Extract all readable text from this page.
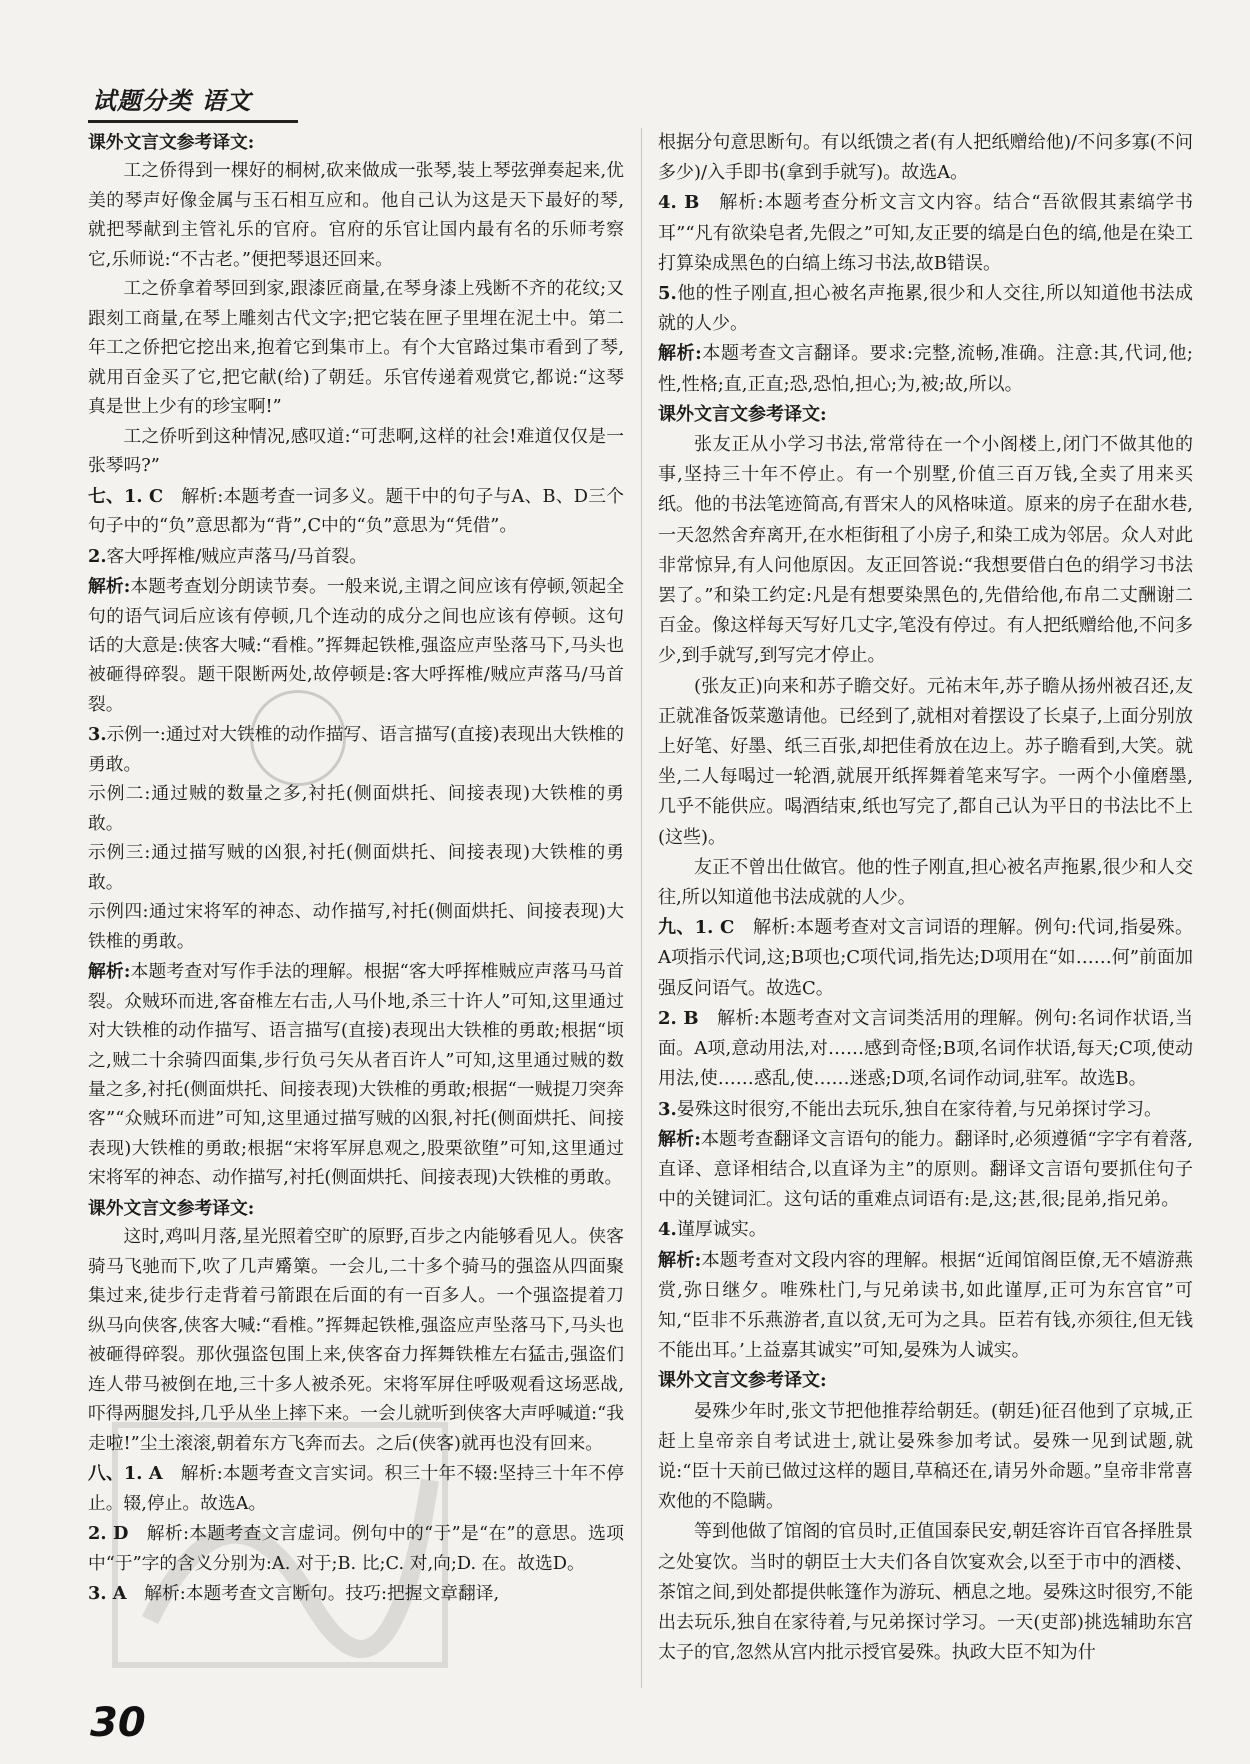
试题分类 语文

课外文言文参考译文:

工之侨得到一棵好的桐树,砍来做成一张琴,装上琴弦弹奏起来,优美的琴声好像金属与玉石相互应和。他自己认为这是天下最好的琴,就把琴献到主管礼乐的官府。官府的乐官让国内最有名的乐师考察它,乐师说:“不古老。”便把琴退还回来。

工之侨拿着琴回到家,跟漆匠商量,在琴身漆上残断不齐的花纹;又跟刻工商量,在琴上雕刻古代文字;把它装在匣子里埋在泥土中。第二年工之侨把它挖出来,抱着它到集市上。有个大官路过集市看到了琴,就用百金买了它,把它献(给)了朝廷。乐官传递着观赏它,都说:“这琴真是世上少有的珍宝啊!”

工之侨听到这种情况,感叹道:“可悲啊,这样的社会!难道仅仅是一张琴吗?”

七、1. C　解析:本题考查一词多义。题干中的句子与A、B、D三个句子中的“负”意思都为“背”,C中的“负”意思为“凭借”。

2.客大呼挥椎/贼应声落马/马首裂。

解析:本题考查划分朗读节奏。一般来说,主谓之间应该有停顿,领起全句的语气词后应该有停顿,几个连动的成分之间也应该有停顿。这句话的大意是:侠客大喊:“看椎。”挥舞起铁椎,强盗应声坠落马下,马头也被砸得碎裂。题干限断两处,故停顿是:客大呼挥椎/贼应声落马/马首裂。

3.示例一:通过对大铁椎的动作描写、语言描写(直接)表现出大铁椎的勇敢。

示例二:通过贼的数量之多,衬托(侧面烘托、间接表现)大铁椎的勇敢。

示例三:通过描写贼的凶狠,衬托(侧面烘托、间接表现)大铁椎的勇敢。

示例四:通过宋将军的神态、动作描写,衬托(侧面烘托、间接表现)大铁椎的勇敢。

解析:本题考查对写作手法的理解。根据“客大呼挥椎贼应声落马马首裂。众贼环而进,客奋椎左右击,人马仆地,杀三十许人”可知,这里通过对大铁椎的动作描写、语言描写(直接)表现出大铁椎的勇敢;根据“顷之,贼二十余骑四面集,步行负弓矢从者百许人”可知,这里通过贼的数量之多,衬托(侧面烘托、间接表现)大铁椎的勇敢;根据“一贼提刀突奔客”“众贼环而进”可知,这里通过描写贼的凶狠,衬托(侧面烘托、间接表现)大铁椎的勇敢;根据“宋将军屏息观之,股栗欲堕”可知,这里通过宋将军的神态、动作描写,衬托(侧面烘托、间接表现)大铁椎的勇敢。

课外文言文参考译文:

这时,鸡叫月落,星光照着空旷的原野,百步之内能够看见人。侠客骑马飞驰而下,吹了几声觱篥。一会儿,二十多个骑马的强盗从四面聚集过来,徒步行走背着弓箭跟在后面的有一百多人。一个强盗提着刀纵马向侠客,侠客大喊:“看椎。”挥舞起铁椎,强盗应声坠落马下,马头也被砸得碎裂。那伙强盗包围上来,侠客奋力挥舞铁椎左右猛击,强盗们连人带马被倒在地,三十多人被杀死。宋将军屏住呼吸观看这场恶战,吓得两腿发抖,几乎从坐上摔下来。一会儿就听到侠客大声呼喊道:“我走啦!”尘土滚滚,朝着东方飞奔而去。之后(侠客)就再也没有回来。

八、1. A　解析:本题考查文言实词。积三十年不辍:坚持三十年不停止。辍,停止。故选A。

2. D　解析:本题考查文言虚词。例句中的“于”是“在”的意思。选项中“于”字的含义分别为:A. 对于;B. 比;C. 对,向;D. 在。故选D。

3. A　解析:本题考查文言断句。技巧:把握文章翻译,

根据分句意思断句。有以纸馈之者(有人把纸赠给他)/不问多寡(不问多少)/入手即书(拿到手就写)。故选A。

4. B　解析:本题考查分析文言文内容。结合“吾欲假其素缟学书耳”“凡有欲染皂者,先假之”可知,友正要的缟是白色的缟,他是在染工打算染成黑色的白缟上练习书法,故B错误。

5.他的性子刚直,担心被名声拖累,很少和人交往,所以知道他书法成就的人少。

解析:本题考查文言翻译。要求:完整,流畅,准确。注意:其,代词,他;性,性格;直,正直;恐,恐怕,担心;为,被;故,所以。

课外文言文参考译文:

张友正从小学习书法,常常待在一个小阁楼上,闭门不做其他的事,坚持三十年不停止。有一个别墅,价值三百万钱,全卖了用来买纸。他的书法笔迹简高,有晋宋人的风格味道。原来的房子在甜水巷,一天忽然舍弃离开,在水柜街租了小房子,和染工成为邻居。众人对此非常惊异,有人问他原因。友正回答说:“我想要借白色的绢学习书法罢了。”和染工约定:凡是有想要染黑色的,先借给他,布帛二丈酬谢二百金。像这样每天写好几丈字,笔没有停过。有人把纸赠给他,不问多少,到手就写,到写完才停止。

(张友正)向来和苏子瞻交好。元祐末年,苏子瞻从扬州被召还,友正就准备饭菜邀请他。已经到了,就相对着摆设了长桌子,上面分别放上好笔、好墨、纸三百张,却把佳肴放在边上。苏子瞻看到,大笑。就坐,二人每喝过一轮酒,就展开纸挥舞着笔来写字。一两个小僮磨墨,几乎不能供应。喝酒结束,纸也写完了,都自己认为平日的书法比不上(这些)。

友正不曾出仕做官。他的性子刚直,担心被名声拖累,很少和人交往,所以知道他书法成就的人少。

九、1. C　解析:本题考查对文言词语的理解。例句:代词,指晏殊。A项指示代词,这;B项也;C项代词,指先达;D项用在“如……何”前面加强反问语气。故选C。

2. B　解析:本题考查对文言词类活用的理解。例句:名词作状语,当面。A项,意动用法,对……感到奇怪;B项,名词作状语,每天;C项,使动用法,使……惑乱,使……迷惑;D项,名词作动词,驻军。故选B。

3.晏殊这时很穷,不能出去玩乐,独自在家待着,与兄弟探讨学习。

解析:本题考查翻译文言语句的能力。翻译时,必须遵循“字字有着落,直译、意译相结合,以直译为主”的原则。翻译文言语句要抓住句子中的关键词汇。这句话的重难点词语有:是,这;甚,很;昆弟,指兄弟。

4.谨厚诚实。

解析:本题考查对文段内容的理解。根据“近闻馆阁臣僚,无不嬉游燕赏,弥日继夕。唯殊杜门,与兄弟读书,如此谨厚,正可为东宫官”可知,“臣非不乐燕游者,直以贫,无可为之具。臣若有钱,亦须往,但无钱不能出耳。’上益嘉其诚实”可知,晏殊为人诚实。

课外文言文参考译文:

晏殊少年时,张文节把他推荐给朝廷。(朝廷)征召他到了京城,正赶上皇帝亲自考试进士,就让晏殊参加考试。晏殊一见到试题,就说:“臣十天前已做过这样的题目,草稿还在,请另外命题。”皇帝非常喜欢他的不隐瞒。

等到他做了馆阁的官员时,正值国泰民安,朝廷容许百官各择胜景之处宴饮。当时的朝臣士大夫们各自饮宴欢会,以至于市中的酒楼、茶馆之间,到处都提供帐篷作为游玩、栖息之地。晏殊这时很穷,不能出去玩乐,独自在家待着,与兄弟探讨学习。一天(吏部)挑选辅助东宫太子的官,忽然从宫内批示授官晏殊。执政大臣不知为什

30
